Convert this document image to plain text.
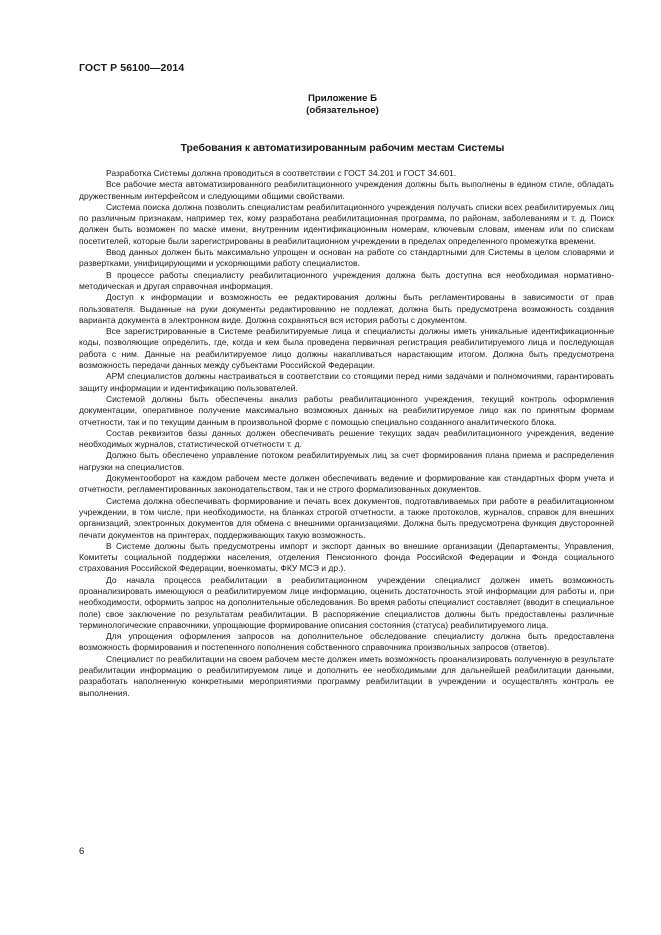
ГОСТ Р 56100—2014
Приложение Б
(обязательное)
Требования к автоматизированным рабочим местам Системы

Разработка Системы должна проводиться в соответствии с ГОСТ 34.201 и ГОСТ 34.601.

Все рабочие места автоматизированного реабилитационного учреждения должны быть выполнены в едином стиле, обладать дружественным интерфейсом и следующими общими свойствами.

Система поиска должна позволить специалистам реабилитационного учреждения получать списки всех реабилитируемых лиц по различным признакам, например тех, кому разработана реабилитационная программа, по районам, заболеваниям и т. д. Поиск должен быть возможен по маске имени, внутренним идентификационным номерам, ключевым словам, именам или по спискам посетителей, которые были зарегистрированы в реабилитационном учреждении в пределах определенного промежутка времени.

Ввод данных должен быть максимально упрощен и основан на работе со стандартными для Системы в целом словарями и развертками, унифицирующими и ускоряющими работу специалистов.

В процессе работы специалисту реабилитационного учреждения должна быть доступна вся необходимая нормативно-методическая и другая справочная информация.

Доступ к информации и возможность ее редактирования должны быть регламентированы в зависимости от прав пользователя. Выданные на руки документы редактированию не подлежат, должна быть предусмотрена возможность создания варианта документа в электронном виде. Должна сохраняться вся история работы с документом.

Все зарегистрированные в Системе реабилитируемые лица и специалисты должны иметь уникальные идентификационные коды, позволяющие определить, где, когда и кем была проведена первичная регистрация реабилитируемого лица и последующая работа с ним. Данные на реабилитируемое лицо должны накапливаться нарастающим итогом. Должна быть предусмотрена возможность передачи данных между субъектами Российской Федерации.

АРМ специалистов должны настраиваться в соответствии со стоящими перед ними задачами и полномочиями, гарантировать защиту информации и идентификацию пользователей.

Системой должны быть обеспечены анализ работы реабилитационного учреждения, текущий контроль оформления документации, оперативное получение максимально возможных данных на реабилитируемое лицо как по принятым формам отчетности, так и по текущим данным в произвольной форме с помощью специально созданного аналитического блока.

Состав реквизитов базы данных должен обеспечивать решение текущих задач реабилитационного учреждения, ведение необходимых журналов, статистической отчетности т. д.

Должно быть обеспечено управление потоком реабилитируемых лиц за счет формирования плана приема и распределения нагрузки на специалистов.

Документооборот на каждом рабочем месте должен обеспечивать ведение и формирование как стандартных форм учета и отчетности, регламентированных законодательством, так и не строго формализованных документов.

Система должна обеспечивать формирование и печать всех документов, подготавливаемых при работе в реабилитационном учреждении, в том числе, при необходимости, на бланках строгой отчетности, а также протоколов, журналов, справок для внешних организаций, электронных документов для обмена с внешними организациями. Должна быть предусмотрена функция двусторонней печати документов на принтерах, поддерживающих такую возможность.

В Системе должны быть предусмотрены импорт и экспорт данных во внешние организации (Департаменты, Управления, Комитеты социальной поддержки населения, отделения Пенсионного фонда Российской Федерации и Фонда социального страхования Российской Федерации, военкоматы, ФКУ МСЭ и др.).

До начала процесса реабилитации в реабилитационном учреждении специалист должен иметь возможность проанализировать имеющуюся о реабилитируемом лице информацию, оценить достаточность этой информации для работы и, при необходимости, оформить запрос на дополнительные обследования. Во время работы специалист составляет (вводит в специальное поле) свое заключение по результатам реабилитации. В распоряжение специалистов должны быть предоставлены различные терминологические справочники, упрощающие формирование описания состояния (статуса) реабилитируемого лица.

Для упрощения оформления запросов на дополнительное обследование специалисту должна быть предоставлена возможность формирования и постепенного пополнения собственного справочника произвольных запросов (ответов).

Специалист по реабилитации на своем рабочем месте должен иметь возможность проанализировать полученную в результате реабилитации информацию о реабилитируемом лице и дополнить ее необходимыми для дальнейшей реабилитации данными, разработать наполненную конкретными мероприятиями программу реабилитации в учреждении и осуществлять контроль ее выполнения.

6
